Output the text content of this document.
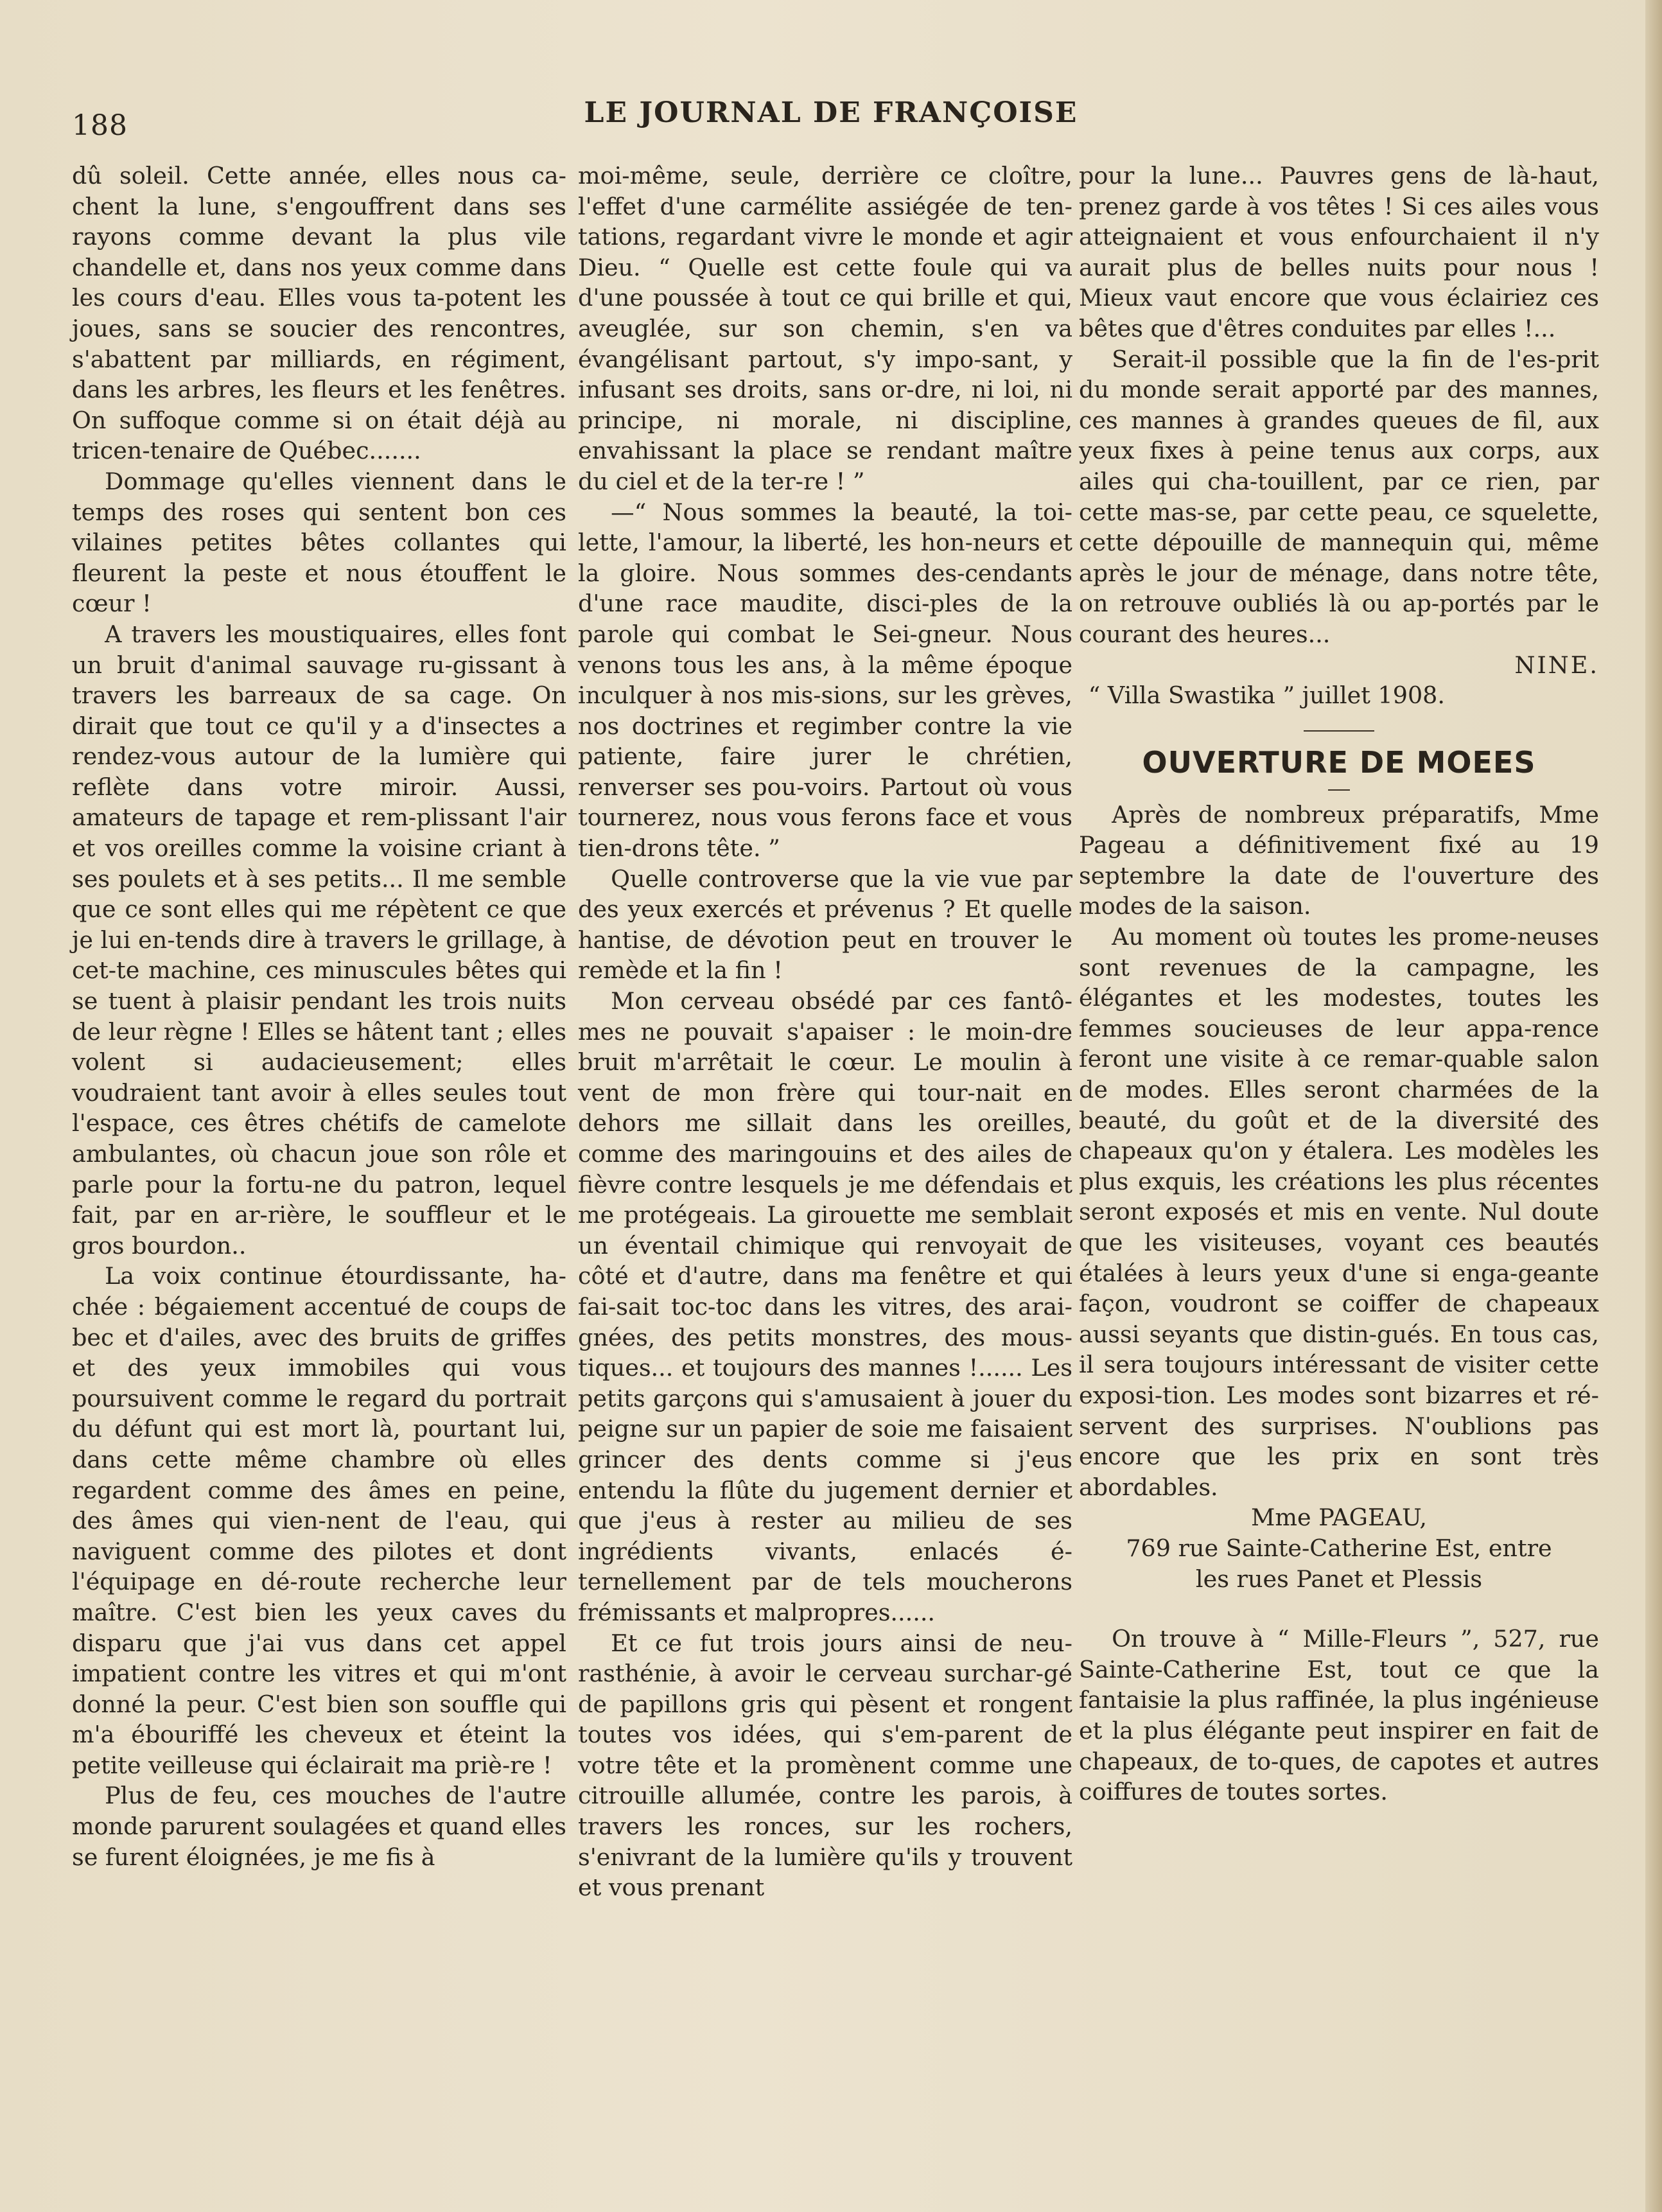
188	LE JOURNAL DE FRANÇOISE

dû soleil. Cette année, elles nous ca-chent la lune, s'engouffrent dans ses rayons comme devant la plus vile chandelle et, dans nos yeux comme dans les cours d'eau. Elles vous ta-potent les joues, sans se soucier des rencontres, s'abattent par milliards, en régiment, dans les arbres, les fleurs et les fenêtres. On suffoque comme si on était déjà au tricen-tenaire de Québec.......

Dommage qu'elles viennent dans le temps des roses qui sentent bon ces vilaines petites bêtes collantes qui fleurent la peste et nous étouffent le cœur !

A travers les moustiquaires, elles font un bruit d'animal sauvage ru-gissant à travers les barreaux de sa cage. On dirait que tout ce qu'il y a d'insectes a rendez-vous autour de la lumière qui reflète dans votre miroir. Aussi, amateurs de tapage et rem-plissant l'air et vos oreilles comme la voisine criant à ses poulets et à ses petits... Il me semble que ce sont elles qui me répètent ce que je lui en-tends dire à travers le grillage, à cet-te machine, ces minuscules bêtes qui se tuent à plaisir pendant les trois nuits de leur règne ! Elles se hâtent tant ; elles volent si audacieusement; elles voudraient tant avoir à elles seules tout l'espace, ces êtres chétifs de camelote ambulantes, où chacun joue son rôle et parle pour la fortu-ne du patron, lequel fait, par en ar-rière, le souffleur et le gros bourdon..

La voix continue étourdissante, ha-chée : bégaiement accentué de coups de bec et d'ailes, avec des bruits de griffes et des yeux immobiles qui vous poursuivent comme le regard du portrait du défunt qui est mort là, pourtant lui, dans cette même chambre où elles regardent comme des âmes en peine, des âmes qui vien-nent de l'eau, qui naviguent comme des pilotes et dont l'équipage en dé-route recherche leur maître. C'est bien les yeux caves du disparu que j'ai vus dans cet appel impatient contre les vitres et qui m'ont donné la peur. C'est bien son souffle qui m'a ébouriffé les cheveux et éteint la petite veilleuse qui éclairait ma priè-re !

Plus de feu, ces mouches de l'autre monde parurent soulagées et quand elles se furent éloignées, je me fis à

moi-même, seule, derrière ce cloître, l'effet d'une carmélite assiégée de ten-tations, regardant vivre le monde et agir Dieu. “ Quelle est cette foule qui va d'une poussée à tout ce qui brille et qui, aveuglée, sur son chemin, s'en va évangélisant partout, s'y impo-sant, y infusant ses droits, sans or-dre, ni loi, ni principe, ni morale, ni discipline, envahissant la place se rendant maître du ciel et de la ter-re ! ”

—“ Nous sommes la beauté, la toi-lette, l'amour, la liberté, les hon-neurs et la gloire. Nous sommes des-cendants d'une race maudite, disci-ples de la parole qui combat le Sei-gneur. Nous venons tous les ans, à la même époque inculquer à nos mis-sions, sur les grèves, nos doctrines et regimber contre la vie patiente, faire jurer le chrétien, renverser ses pou-voirs. Partout où vous tournerez, nous vous ferons face et vous tien-drons tête. ”

Quelle controverse que la vie vue par des yeux exercés et prévenus ? Et quelle hantise, de dévotion peut en trouver le remède et la fin !

Mon cerveau obsédé par ces fantô-mes ne pouvait s'apaiser : le moin-dre bruit m'arrêtait le cœur. Le moulin à vent de mon frère qui tour-nait en dehors me sillait dans les oreilles, comme des maringouins et des ailes de fièvre contre lesquels je me défendais et me protégeais. La girouette me semblait un éventail chimique qui renvoyait de côté et d'autre, dans ma fenêtre et qui fai-sait toc-toc dans les vitres, des arai-gnées, des petits monstres, des mous-tiques... et toujours des mannes !...... Les petits garçons qui s'amusaient à jouer du peigne sur un papier de soie me faisaient grincer des dents comme si j'eus entendu la flûte du jugement dernier et que j'eus à rester au milieu de ses ingrédients vivants, enlacés é-ternellement par de tels moucherons frémissants et malpropres......

Et ce fut trois jours ainsi de neu-rasthénie, à avoir le cerveau surchar-gé de papillons gris qui pèsent et rongent toutes vos idées, qui s'em-parent de votre tête et la promènent comme une citrouille allumée, contre les parois, à travers les ronces, sur les rochers, s'enivrant de la lumière qu'ils y trouvent et vous prenant

pour la lune... Pauvres gens de là-haut, prenez garde à vos têtes ! Si ces ailes vous atteignaient et vous enfourchaient il n'y aurait plus de belles nuits pour nous ! Mieux vaut encore que vous éclairiez ces bêtes que d'êtres conduites par elles !...

Serait-il possible que la fin de l'es-prit du monde serait apporté par des mannes, ces mannes à grandes queues de fil, aux yeux fixes à peine tenus aux corps, aux ailes qui cha-touillent, par ce rien, par cette mas-se, par cette peau, ce squelette, cette dépouille de mannequin qui, même après le jour de ménage, dans notre tête, on retrouve oubliés là ou ap-portés par le courant des heures...

NINE.

“ Villa Swastika ” juillet 1908.

OUVERTURE DE MOEES

Après de nombreux préparatifs, Mme Pageau a définitivement fixé au 19 septembre la date de l'ouverture des modes de la saison.

Au moment où toutes les prome-neuses sont revenues de la campagne, les élégantes et les modestes, toutes les femmes soucieuses de leur appa-rence feront une visite à ce remar-quable salon de modes. Elles seront charmées de la beauté, du goût et de la diversité des chapeaux qu'on y étalera. Les modèles les plus exquis, les créations les plus récentes seront exposés et mis en vente. Nul doute que les visiteuses, voyant ces beautés étalées à leurs yeux d'une si enga-geante façon, voudront se coiffer de chapeaux aussi seyants que distin-gués. En tous cas, il sera toujours intéressant de visiter cette exposi-tion. Les modes sont bizarres et ré-servent des surprises. N'oublions pas encore que les prix en sont très abordables.

Mme PAGEAU,

769 rue Sainte-Catherine Est, entre

les rues Panet et Plessis

On trouve à “ Mille-Fleurs ”, 527, rue Sainte-Catherine Est, tout ce que la fantaisie la plus raffinée, la plus ingénieuse et la plus élégante peut inspirer en fait de chapeaux, de to-ques, de capotes et autres coiffures de toutes sortes.
